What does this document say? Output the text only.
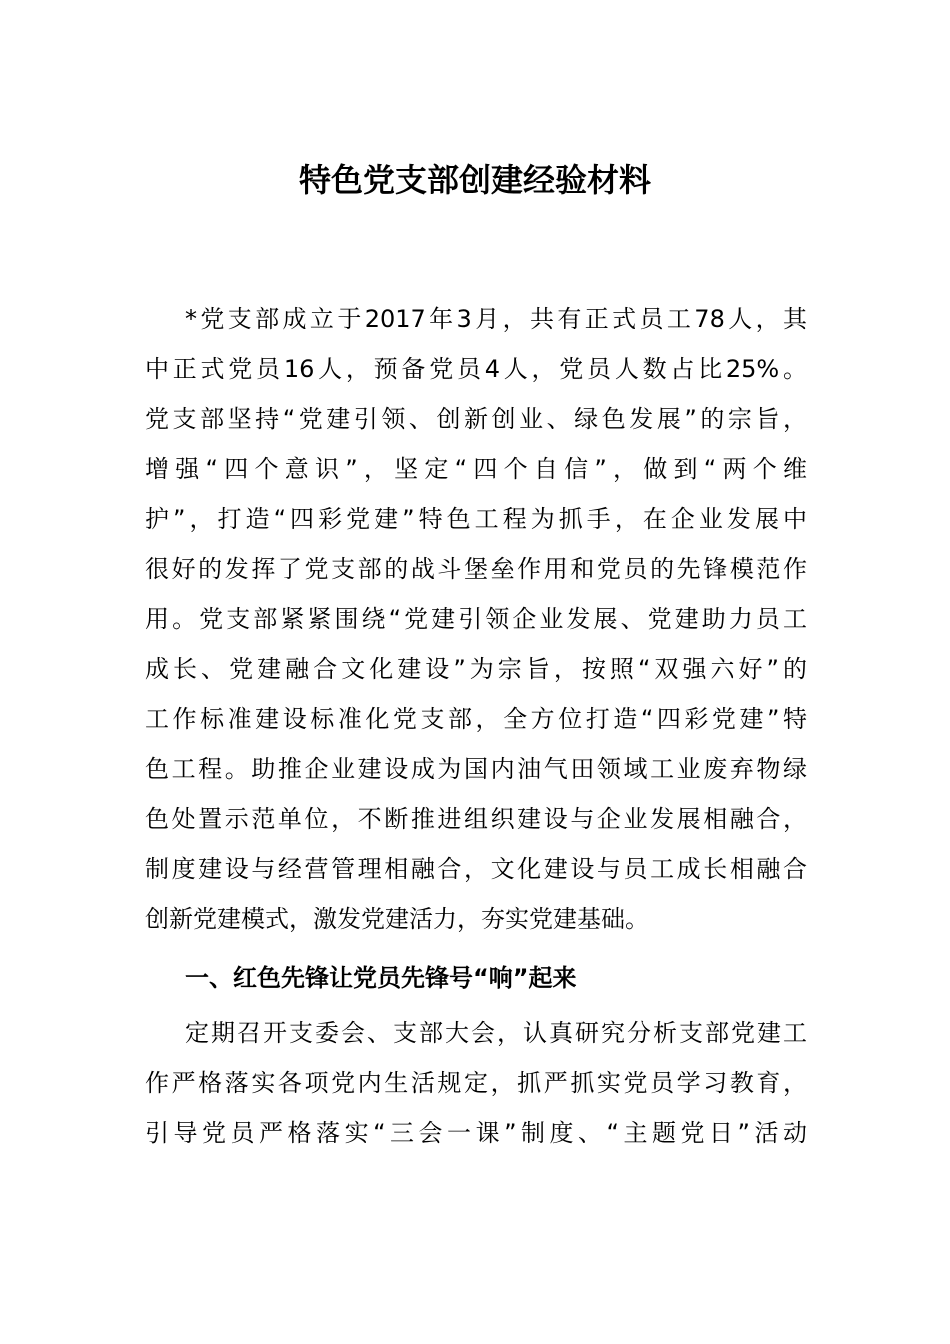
特色党支部创建经验材料
*党支部成立于2017年3月，共有正式员工78人，其
中正式党员16人，预备党员4人，党员人数占比25%。
党支部坚持“党建引领、创新创业、绿色发展”的宗旨，
增强“四个意识”，坚定“四个自信”，做到“两个维
护”，打造“四彩党建”特色工程为抓手，在企业发展中
很好的发挥了党支部的战斗堡垒作用和党员的先锋模范作
用。党支部紧紧围绕“党建引领企业发展、党建助力员工
成长、党建融合文化建设”为宗旨，按照“双强六好”的
工作标准建设标准化党支部，全方位打造“四彩党建”特
色工程。助推企业建设成为国内油气田领域工业废弃物绿
色处置示范单位，不断推进组织建设与企业发展相融合，
制度建设与经营管理相融合，文化建设与员工成长相融合
创新党建模式，激发党建活力，夯实党建基础。
一、红色先锋让党员先锋号“响”起来
定期召开支委会、支部大会，认真研究分析支部党建工
作严格落实各项党内生活规定，抓严抓实党员学习教育，
引导党员严格落实“三会一课”制度、“主题党日”活动
